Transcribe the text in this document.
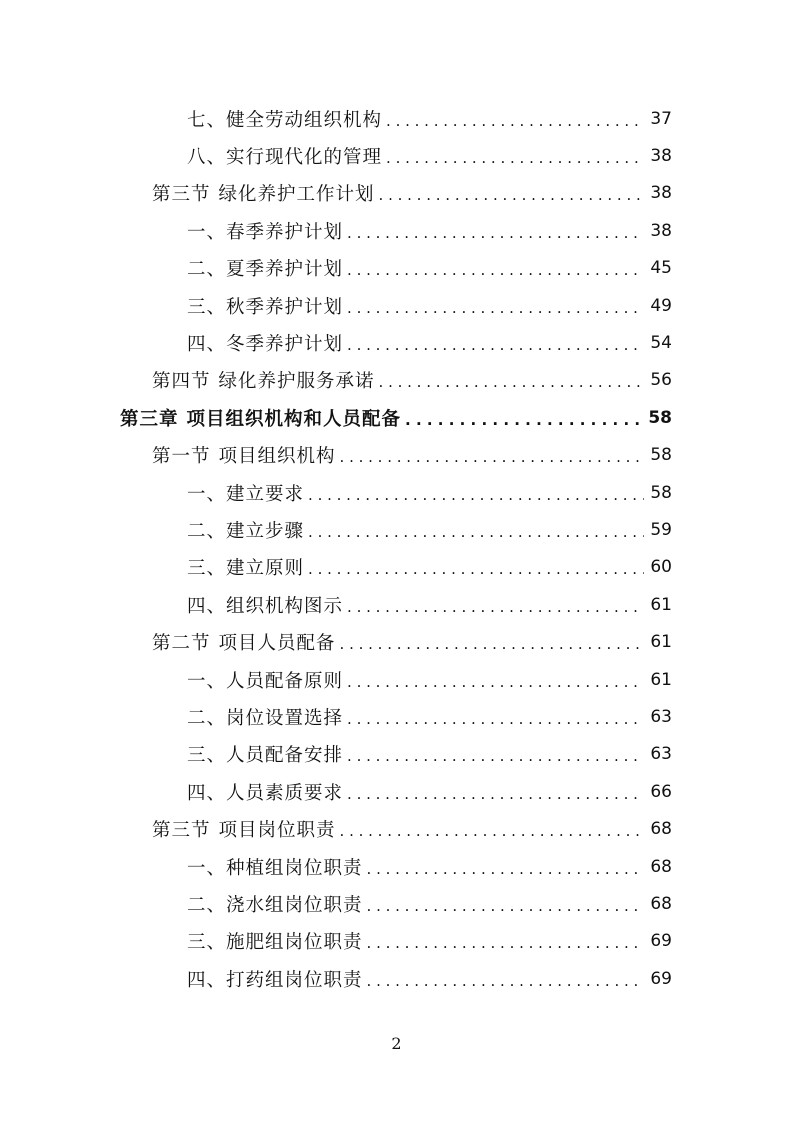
七、健全劳动组织机构 . . .	37
八、实行现代化的管理 . . .	38
第三节 绿化养护工作计划 . . .	38
一、春季养护计划 . . .	38
二、夏季养护计划 . . .	45
三、秋季养护计划 . . .	49
四、冬季养护计划 . . .	54
第四节 绿化养护服务承诺 . . .	56
第三章 项目组织机构和人员配备 . . .	58
第一节 项目组织机构 . . .	58
一、建立要求 . . .	58
二、建立步骤 . . .	59
三、建立原则 . . .	60
四、组织机构图示 . . .	61
第二节 项目人员配备 . . .	61
一、人员配备原则 . . .	61
二、岗位设置选择 . . .	63
三、人员配备安排 . . .	63
四、人员素质要求 . . .	66
第三节 项目岗位职责 . . .	68
一、种植组岗位职责 . . .	68
二、浇水组岗位职责 . . .	68
三、施肥组岗位职责 . . .	69
四、打药组岗位职责 . . .	69
2
